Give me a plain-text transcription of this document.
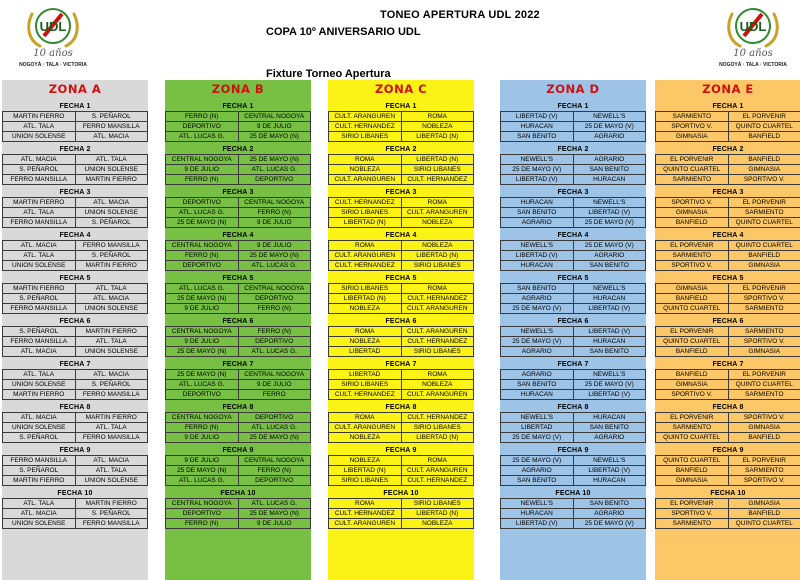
UDL
10 años
NOGOYÁ · TALA · VICTORIA
UDL
10 años
NOGOYÁ · TALA · VICTORIA
TONEO APERTURA UDL 2022
COPA 10º ANIVERSARIO UDL
Fixture Torneo Apertura
ZONA A
FECHA 1
MARTIN FIERRO	S. PEÑAROL
ATL. TALA	FERRO MANSILLA
UNION SOLENSE	ATL. MACIA
FECHA 2
ATL. MACIA	ATL. TALA
S. PEÑAROL	UNION SOLENSE
FERRO MANSILLA	MARTIN FIERRO
FECHA 3
MARTIN FIERRO	ATL. MACIA
ATL. TALA	UNION SOLENSE
FERRO MANSILLA	S. PEÑAROL
FECHA 4
ATL. MACIA	FERRO MANSILLA
ATL. TALA	S. PEÑAROL
UNION SOLENSE	MARTIN FIERRO
FECHA 5
MARTIN FIERRO	ATL. TALA
S. PEÑAROL	ATL. MACIA
FERRO MANSILLA	UNION SOLENSE
FECHA 6
S. PEÑAROL	MARTIN FIERRO
FERRO MANSILLA	ATL. TALA
ATL. MACIA	UNION SOLENSE
FECHA 7
ATL. TALA	ATL. MACIA
UNION SOLENSE	S. PEÑAROL
MARTIN FIERRO	FERRO MANSILLA
FECHA 8
ATL. MACIA	MARTIN FIERRO
UNION SOLENSE	ATL. TALA
S. PEÑAROL	FERRO MANSILLA
FECHA 9
FERRO MANSILLA	ATL. MACIA
S. PEÑAROL	ATL. TALA
MARTIN FIERRO	UNION SOLENSE
FECHA 10
ATL. TALA	MARTIN FIERRO
ATL. MACIA	S. PEÑAROL
UNION SOLENSE	FERRO MANSILLA
ZONA B
FECHA 1
FERRO (N)	CENTRAL NOGOYA
DEPORTIVO	9 DE JULIO
ATL. LUCAS G.	25 DE MAYO (N)
FECHA 2
CENTRAL NOGOYA	25 DE MAYO (N)
9 DE JULIO	ATL. LUCAS G.
FERRO (N)	DEPORTIVO
FECHA 3
DEPORTIVO	CENTRAL NOGOYA
ATL. LUCAS G.	FERRO (N)
25 DE MAYO (N)	9 DE JULIO
FECHA 4
CENTRAL NOGOYA	9 DE JULIO
FERRO (N)	25 DE MAYO (N)
DEPORTIVO	ATL. LUCAS G.
FECHA 5
ATL. LUCAS G.	CENTRAL NOGOYA
25 DE MAYO (N)	DEPORTIVO
9 DE JULIO	FERRO (N)
FECHA 6
CENTRAL NOGOYA	FERRO (N)
9 DE JULIO	DEPORTIVO
25 DE MAYO (N)	ATL. LUCAS G.
FECHA 7
25 DE MAYO (N)	CENTRAL NOGOYA
ATL. LUCAS G.	9 DE JULIO
DEPORTIVO	FERRO
FECHA 8
CENTRAL NOGOYA	DEPORTIVO
FERRO (N)	ATL. LUCAS G.
9 DE JULIO	25 DE MAYO (N)
FECHA 9
9 DE JULIO	CENTRAL NOGOYA
25 DE MAYO (N)	FERRO (N)
ATL. LUCAS G.	DEPORTIVO
FECHA 10
CENTRAL NOGOYA	ATL. LUCAS G.
DEPORTIVO	25 DE MAYO (N)
FERRO (N)	9 DE JULIO
ZONA C
FECHA 1
CULT. ARANGUREN	ROMA
CULT. HERNANDEZ	NOBLEZA
SIRIO LIBANES	LIBERTAD (N)
FECHA 2
ROMA	LIBERTAD (N)
NOBLEZA	SIRIO LIBANES
CULT. ARANGUREN	CULT. HERNANDEZ
FECHA 3
CULT. HERNANDEZ	ROMA
SIRIO LIBANES	CULT. ARANGUREN
LIBERTAD (N)	NOBLEZA
FECHA 4
ROMA	NOBLEZA
CULT. ARANGUREN	LIBERTAD (N)
CULT. HERNANDEZ	SIRIO LIBANES
FECHA 5
SIRIO LIBANES	ROMA
LIBERTAD (N)	CULT. HERNANDEZ
NOBLEZA	CULT. ARANGUREN
FECHA 6
ROMA	CULT. ARANGUREN
NOBLEZA	CULT. HERNANDEZ
LIBERTAD	SIRIO LIBANES
FECHA 7
LIBERTAD	ROMA
SIRIO LIBANES	NOBLEZA
CULT. HERNANDEZ	CULT. ARANGUREN
FECHA 8
ROMA	CULT. HERNANDEZ
CULT. ARANGUREN	SIRIO LIBANES
NOBLEZA	LIBERTAD (N)
FECHA 9
NOBLEZA	ROMA
LIBERTAD (N)	CULT. ARANGUREN
SIRIO LIBANES	CULT. HERNANDEZ
FECHA 10
ROMA	SIRIO LIBANES
CULT. HERNANDEZ	LIBERTAD (N)
CULT. ARANGUREN	NOBLEZA
ZONA D
FECHA 1
LIBERTAD (V)	NEWELL'S
HURACAN	25 DE MAYO (V)
SAN BENITO	AGRARIO
FECHA 2
NEWELL'S	AGRARIO
25 DE MAYO (V)	SAN BENITO
LIBERTAD (V)	HURACAN
FECHA 3
HURACAN	NEWELL'S
SAN BENITO	LIBERTAD (V)
AGRARIO	25 DE MAYO (V)
FECHA 4
NEWELL'S	25 DE MAYO (V)
LIBERTAD (V)	AGRARIO
HURACAN	SAN BENITO
FECHA 5
SAN BENITO	NEWELL'S
AGRARIO	HURACAN
25 DE MAYO (V)	LIBERTAD (V)
FECHA 6
NEWELL'S	LIBERTAD (V)
25 DE MAYO (V)	HURACAN
AGRARIO	SAN BENITO
FECHA 7
AGRARIO	NEWELL'S
SAN BENITO	25 DE MAYO (V)
HURACAN	LIBERTAD (V)
FECHA 8
NEWELL'S	HURACAN
LIBERTAD	SAN BENITO
25 DE MAYO (V)	AGRARIO
FECHA 9
25 DE MAYO (V)	NEWELL'S
AGRARIO	LIBERTAD (V)
SAN BENITO	HURACAN
FECHA 10
NEWELL'S	SAN BENITO
HURACAN	AGRARIO
LIBERTAD (V)	25 DE MAYO (V)
ZONA E
FECHA 1
SARMIENTO	EL PORVENIR
SPORTIVO V.	QUINTO CUARTEL
GIMNASIA	BANFIELD
FECHA 2
EL PORVENIR	BANFIELD
QUINTO CUARTEL	GIMNASIA
SARMIENTO	SPORTIVO V.
FECHA 3
SPORTIVO V.	EL PORVENIR
GIMNASIA	SARMIENTO
BANFIELD	QUINTO CUARTEL
FECHA 4
EL PORVENIR	QUINTO CUARTEL
SARMIENTO	BANFIELD
SPORTIVO V.	GIMNASIA
FECHA 5
GIMNASIA	EL PORVENIR
BANFIELD	SPORTIVO V.
QUINTO CUARTEL	SARMIENTO
FECHA 6
EL PORVENIR	SARMIENTO
QUINTO CUARTEL	SPORTIVO V.
BANFIELD	GIMNASIA
FECHA 7
BANFIELD	EL PORVENIR
GIMNASIA	QUINTO CUARTEL
SPORTIVO V.	SARMIENTO
FECHA 8
EL PORVENIR	SPORTIVO V.
SARMIENTO	GIMNASIA
QUINTO CUARTEL	BANFIELD
FECHA 9
QUINTO CUARTEL	EL PORVENIR
BANFIELD	SARMIENTO
GIMNASIA	SPORTIVO V.
FECHA 10
EL PORVENIR	GIMNASIA
SPORTIVO V.	BANFIELD
SARMIENTO	QUINTO CUARTEL
